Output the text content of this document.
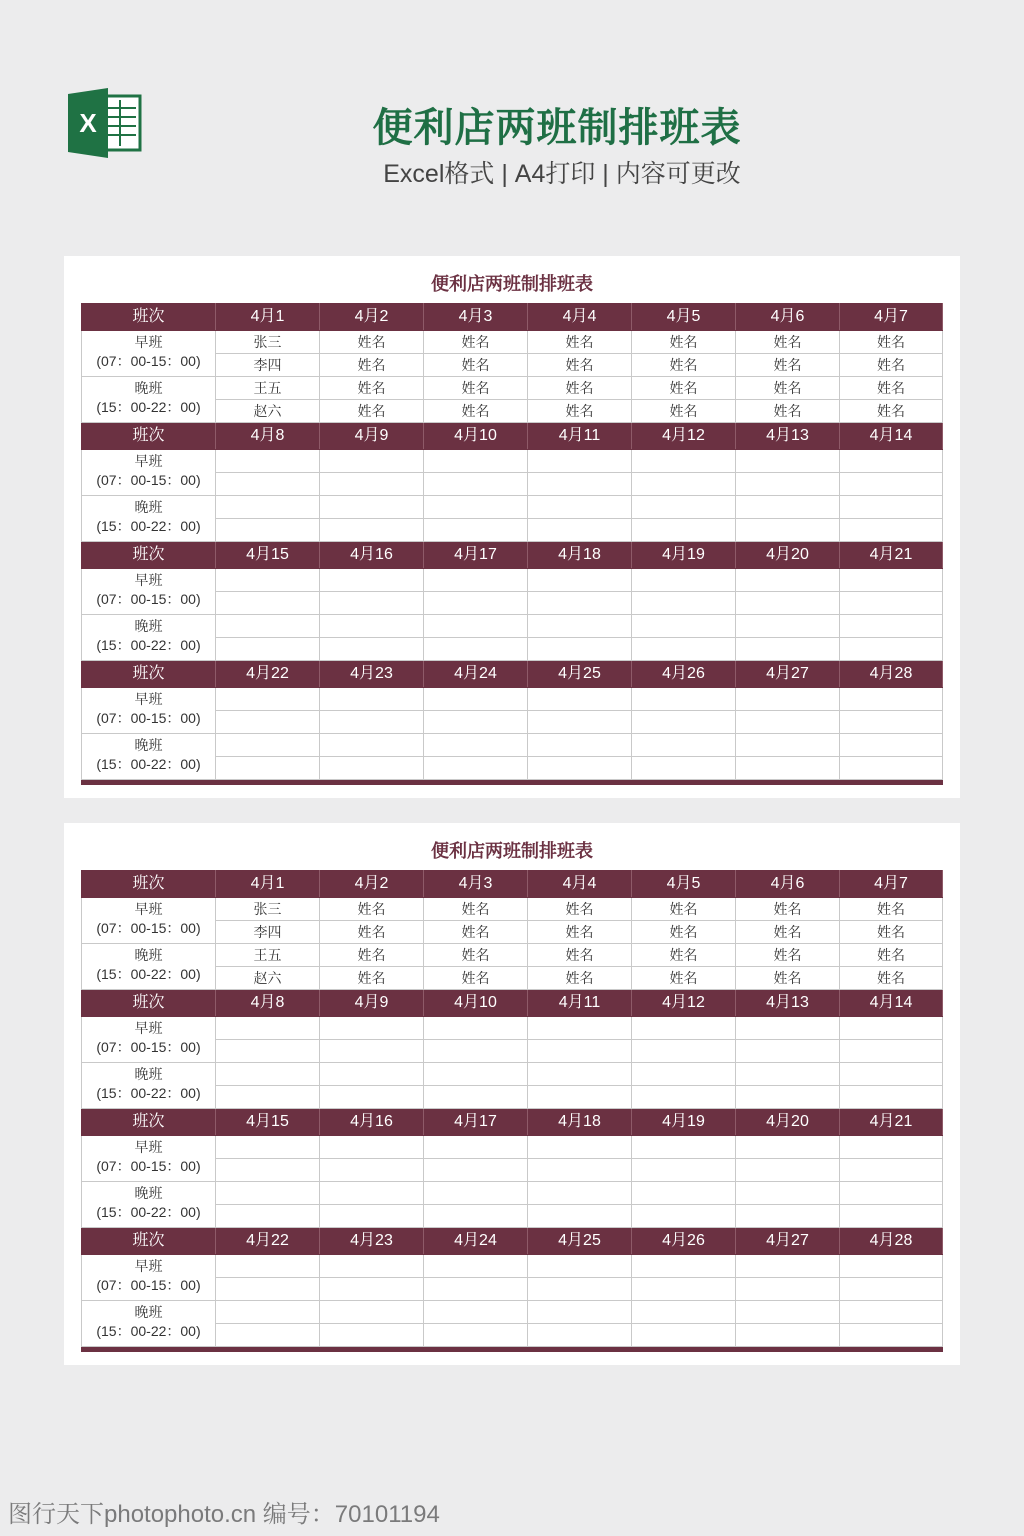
X	便利店两班制排班表
Excel格式 | A4打印 | 内容可更改
便利店两班制排班表
班次	4月1	4月2	4月3	4月4	4月5	4月6	4月7

早班
(07：00-15：00)	张三	姓名	姓名	姓名	姓名	姓名	姓名
	李四	姓名	姓名	姓名	姓名	姓名	姓名

晚班
(15：00-22：00)	王五	姓名	姓名	姓名	姓名	姓名	姓名
	赵六	姓名	姓名	姓名	姓名	姓名	姓名
班次	4月8	4月9	4月10	4月11	4月12	4月13	4月14

早班
(07：00-15：00)							

晚班
(15：00-22：00)							

班次	4月15	4月16	4月17	4月18	4月19	4月20	4月21

早班
(07：00-15：00)							

晚班
(15：00-22：00)							

班次	4月22	4月23	4月24	4月25	4月26	4月27	4月28

早班
(07：00-15：00)							

晚班
(15：00-22：00)							

便利店两班制排班表
班次	4月1	4月2	4月3	4月4	4月5	4月6	4月7

早班
(07：00-15：00)	张三	姓名	姓名	姓名	姓名	姓名	姓名
	李四	姓名	姓名	姓名	姓名	姓名	姓名

晚班
(15：00-22：00)	王五	姓名	姓名	姓名	姓名	姓名	姓名
	赵六	姓名	姓名	姓名	姓名	姓名	姓名
班次	4月8	4月9	4月10	4月11	4月12	4月13	4月14

早班
(07：00-15：00)							

晚班
(15：00-22：00)							

班次	4月15	4月16	4月17	4月18	4月19	4月20	4月21

早班
(07：00-15：00)							

晚班
(15：00-22：00)							

班次	4月22	4月23	4月24	4月25	4月26	4月27	4月28

早班
(07：00-15：00)							

晚班
(15：00-22：00)							

图行天下photophoto.cn 编号：70101194
